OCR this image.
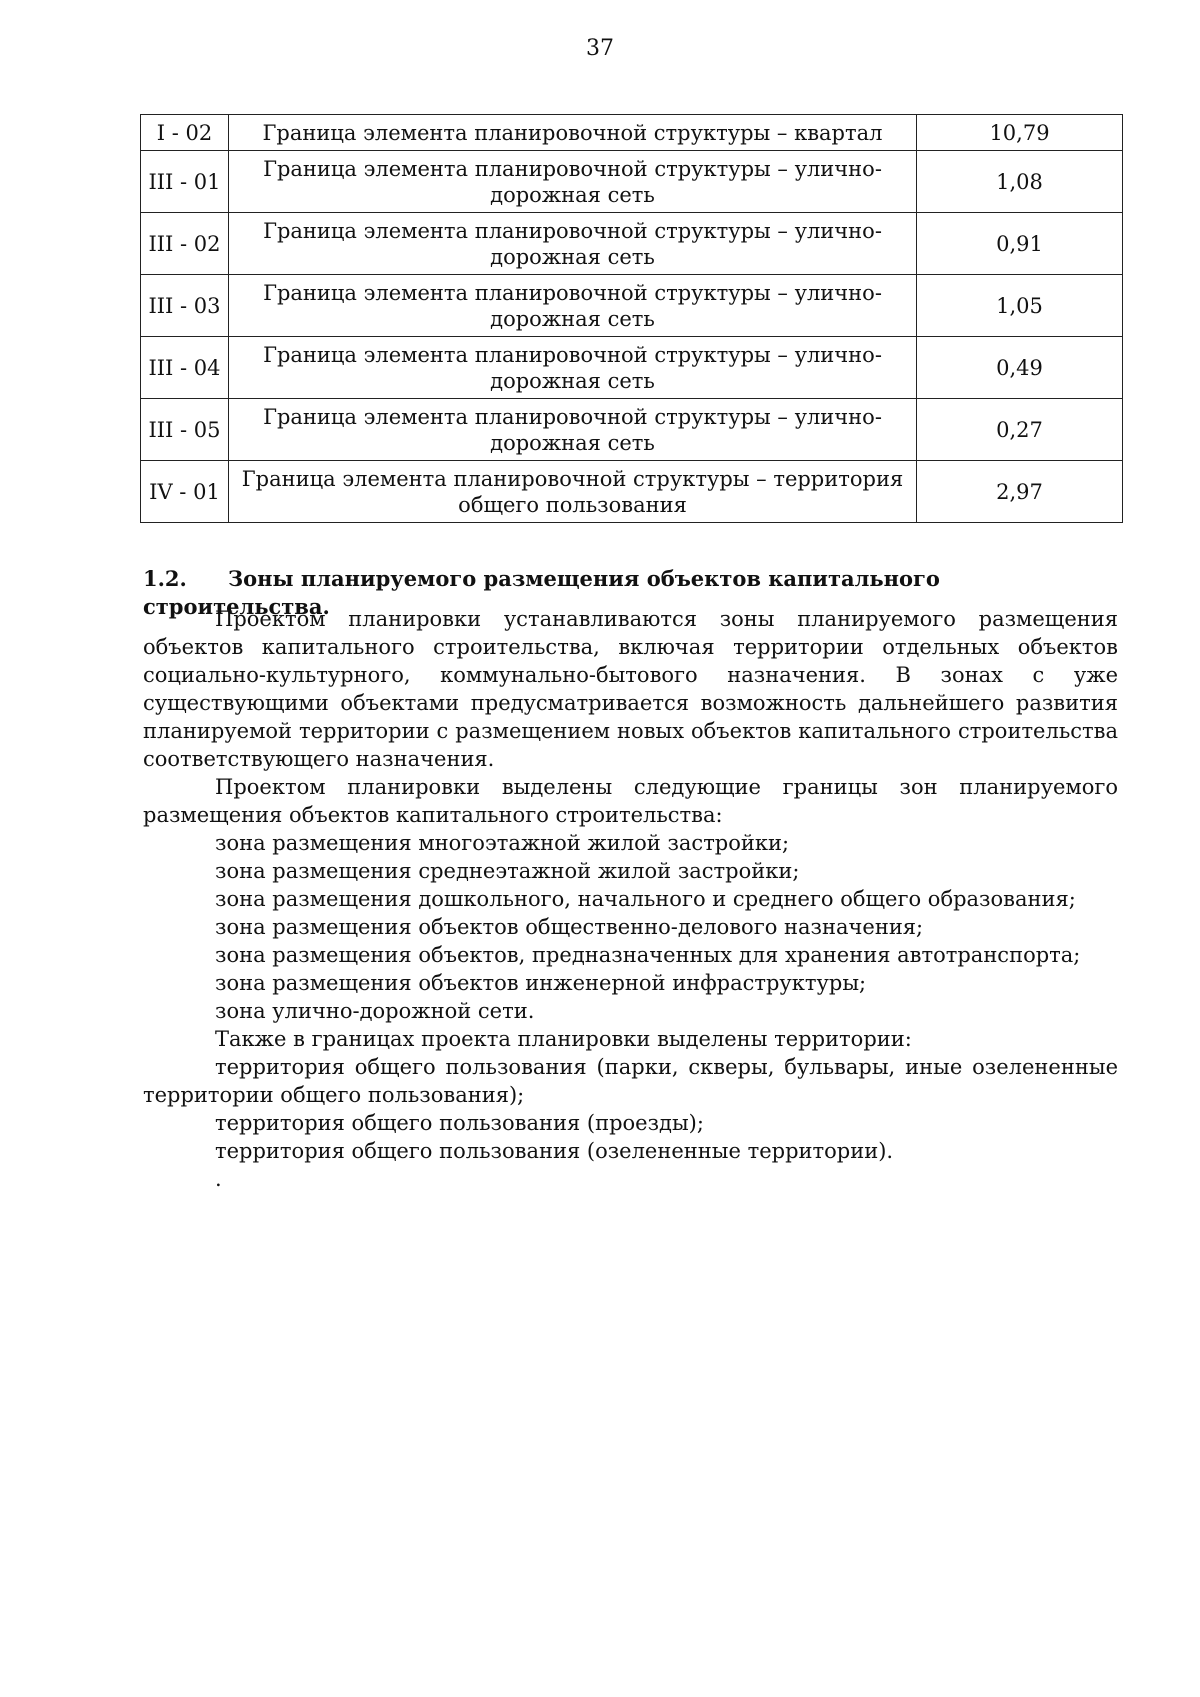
37
I - 02	Граница элемента планировочной структуры – квартал	10,79
III - 01	Граница элемента планировочной структуры – улично-дорожная сеть	1,08
III - 02	Граница элемента планировочной структуры – улично-дорожная сеть	0,91
III - 03	Граница элемента планировочной структуры – улично-дорожная сеть	1,05
III - 04	Граница элемента планировочной структуры – улично-дорожная сеть	0,49
III - 05	Граница элемента планировочной структуры – улично-дорожная сеть	0,27
IV - 01	Граница элемента планировочной структуры – территория общего пользования	2,97
1.2. Зоны планируемого размещения объектов капитального строительства.

Проектом планировки устанавливаются зоны планируемого размещения объектов капитального строительства, включая территории отдельных объектов социально-культурного, коммунально-бытового назначения. В зонах с уже существующими объектами предусматривается возможность дальнейшего развития планируемой территории с размещением новых объектов капитального строительства соответствующего назначения.

Проектом планировки выделены следующие границы зон планируемого размещения объектов капитального строительства:

зона размещения многоэтажной жилой застройки;

зона размещения среднеэтажной жилой застройки;

зона размещения дошкольного, начального и среднего общего образования;

зона размещения объектов общественно-делового назначения;

зона размещения объектов, предназначенных для хранения автотранспорта;

зона размещения объектов инженерной инфраструктуры;

зона улично-дорожной сети.

Также в границах проекта планировки выделены территории:

территория общего пользования (парки, скверы, бульвары, иные озелененные территории общего пользования);

территория общего пользования (проезды);

территория общего пользования (озелененные территории).

.
